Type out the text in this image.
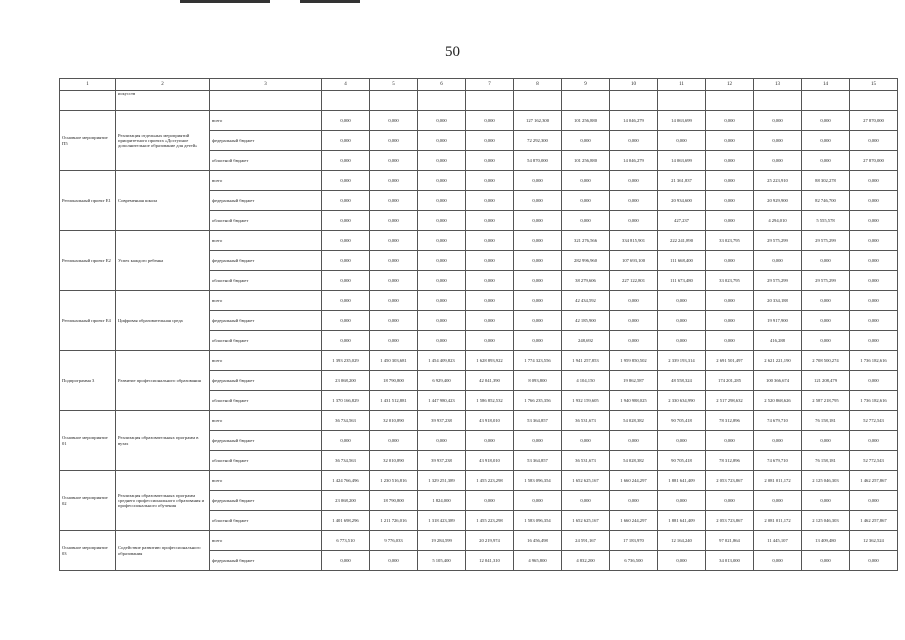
50
1	2	3	4	5	6	7	8	9	10	11	12	13	14	15
	искусств													
Основное мероприятие П5	Реализация отдельных мероприятий приоритетного проекта «Доступное дополнительное образование для детей»	всего	0,000	0,000	0,000	0,000	127 162,300	101 256,880	14 046,279	14 063,699	0,000	0,000	0,000	27 870,000
		федеральный бюджет	0,000	0,000	0,000	0,000	72 292,300	0,000	0,000	0,000	0,000	0,000	0,000	0,000
		областной бюджет	0,000	0,000	0,000	0,000	54 870,000	101 256,880	14 046,279	14 063,699	0,000	0,000	0,000	27 870,000
Региональный проект Е1	Современная школа	всего	0,000	0,000	0,000	0,000	0,000	0,000	0,000	21 361,837	0,000	25 223,910	88 302,278	0,000
		федеральный бюджет	0,000	0,000	0,000	0,000	0,000	0,000	0,000	20 934,600	0,000	20 929,900	82 746,700	0,000
		областной бюджет	0,000	0,000	0,000	0,000	0,000	0,000	0,000	427,237	0,000	4 294,010	5 555,578	0,000
Региональный проект Е2	Успех каждого ребенка	всего	0,000	0,000	0,000	0,000	0,000	321 276,566	334 815,901	222 241,890	33 023,795	29 575,299	29 575,299	0,000
		федеральный бюджет	0,000	0,000	0,000	0,000	0,000	282 996,960	107 693,100	111 668,400	0,000	0,000	0,000	0,000
		областной бюджет	0,000	0,000	0,000	0,000	0,000	38 279,606	227 122,801	111 673,480	33 023,795	29 575,299	29 575,299	0,000
Региональный проект Е4	Цифровая образовательная среда	всего	0,000	0,000	0,000	0,000	0,000	42 434,592	0,000	0,000	0,000	20 334,188	0,000	0,000
		федеральный бюджет	0,000	0,000	0,000	0,000	0,000	42 185,900	0,000	0,000	0,000	19 917,900	0,000	0,000
		областной бюджет	0,000	0,000	0,000	0,000	0,000	248,692	0,000	0,000	0,000	416,288	0,000	0,000
Подпрограмма 3	Развитие профессионального образования	всего	1 393 235,029	1 450 303,681	1 454 409,823	1 628 893,922	1 774 323,556	1 941 257,853	1 959 850,502	2 339 193,314	2 691 501,497	2 621 221,190	2 708 500,274	1 736 182,616
		федеральный бюджет	23 068,200	18 790,800	6 929,400	42 041,390	8 093,800	4 104,150	19 862,587	48 558,324	174 201,285	100 366,674	121 208,479	0,000
		областной бюджет	1 370 166,829	1 431 512,881	1 447 980,423	1 586 852,532	1 766 235,356	1 932 159,605	1 940 988,025	2 330 634,990	2 517 298,632	2 520 868,626	2 587 218,795	1 736 182,616
Основное мероприятие 01	Реализация образовательных программ в вузах	всего	36 734,563	32 010,890	39 937,238	43 918,010	53 364,857	36 531,673	54 028,382	90 705,418	78 312,896	74 679,710	76 158,181	52 772,543
		федеральный бюджет	0,000	0,000	0,000	0,000	0,000	0,000	0,000	0,000	0,000	0,000	0,000	0,000
		областной бюджет	36 734,563	32 010,890	39 937,238	43 918,010	53 364,857	36 531,673	54 028,382	90 705,418	78 312,896	74 679,710	76 158,181	52 772,543
Основное мероприятие 02	Реализация образовательных программ среднего профессионального образования и профессионального обучения	всего	1 424 766,496	1 230 516,816	1 329 251,389	1 455 223,298	1 583 096,354	1 652 625,167	1 660 244,297	1 881 641,409	2 053 723,867	2 081 011,172	2 125 046,303	1 462 257,867
		федеральный бюджет	23 068,200	18 790,800	1 824,000	0,000	0,000	0,000	0,000	0,000	0,000	0,000	0,000	0,000
		областной бюджет	1 401 698,296	1 211 726,016	1 318 423,389	1 455 223,298	1 583 096,354	1 652 625,167	1 660 244,297	1 881 641,409	2 053 723,867	2 081 011,172	2 125 046,303	1 462 257,867
Основное мероприятие 03	Содействие развитию профессионального образования	всего	6 773,510	9 776,033	19 284,599	20 219,974	16 456,498	24 591,167	17 183,970	12 164,240	97 021,864	11 445,107	13 409,480	12 362,524
		федеральный бюджет	0,000	0,000	5 105,400	12 041,310	4 965,800	4 832,200	6 736,500	0,000	34 013,000	0,000	0,000	0,000
